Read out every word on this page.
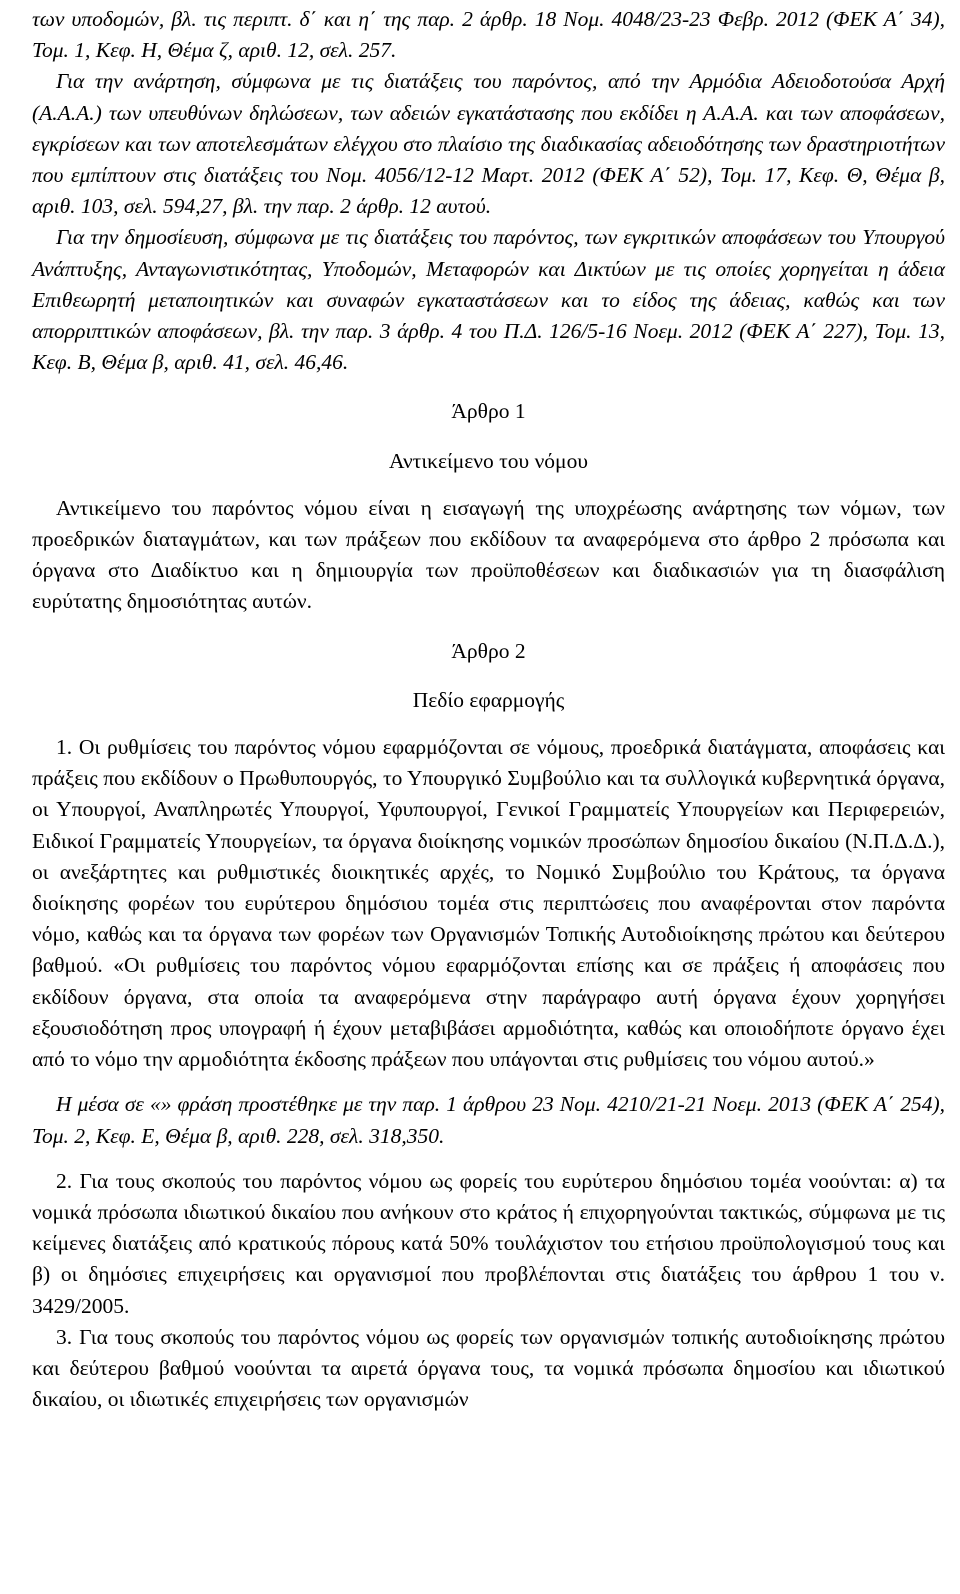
των υποδομών, βλ. τις περιπτ. δ΄ και η΄ της παρ. 2 άρθρ. 18 Νομ. 4048/23-23 Φεβρ. 2012 (ΦΕΚ Α΄ 34), Τομ. 1, Κεφ. Η, Θέμα ζ, αριθ. 12, σελ. 257.

Για την ανάρτηση, σύμφωνα με τις διατάξεις του παρόντος, από την Αρμόδια Αδειοδοτούσα Αρχή (Α.Α.Α.) των υπευθύνων δηλώσεων, των αδειών εγκατάστασης που εκδίδει η Α.Α.Α. και των αποφάσεων, εγκρίσεων και των αποτελεσμάτων ελέγχου στο πλαίσιο της διαδικασίας αδειοδότησης των δραστηριοτήτων που εμπίπτουν στις διατάξεις του Νομ. 4056/12-12 Μαρτ. 2012 (ΦΕΚ Α΄ 52), Τομ. 17, Κεφ. Θ, Θέμα β, αριθ. 103, σελ. 594,27, βλ. την παρ. 2 άρθρ. 12 αυτού.

Για την δημοσίευση, σύμφωνα με τις διατάξεις του παρόντος, των εγκριτικών αποφάσεων του Υπουργού Ανάπτυξης, Ανταγωνιστικότητας, Υποδομών, Μεταφορών και Δικτύων με τις οποίες χορηγείται η άδεια Επιθεωρητή μεταποιητικών και συναφών εγκαταστάσεων και το είδος της άδειας, καθώς και των απορριπτικών αποφάσεων, βλ. την παρ. 3 άρθρ. 4 του Π.Δ. 126/5-16 Νοεμ. 2012 (ΦΕΚ Α΄ 227), Τομ. 13, Κεφ. Β, Θέμα β, αριθ. 41, σελ. 46,46.

Άρθρο 1

Αντικείμενο του νόμου

Αντικείμενο του παρόντος νόμου είναι η εισαγωγή της υποχρέωσης ανάρτησης των νόμων, των προεδρικών διαταγμάτων, και των πράξεων που εκδίδουν τα αναφερόμενα στο άρθρο 2 πρόσωπα και όργανα στο Διαδίκτυο και η δημιουργία των προϋποθέσεων και διαδικασιών για τη διασφάλιση ευρύτατης δημοσιότητας αυτών.

Άρθρο 2

Πεδίο εφαρμογής

1. Οι ρυθμίσεις του παρόντος νόμου εφαρμόζονται σε νόμους, προεδρικά διατάγματα, αποφάσεις και πράξεις που εκδίδουν ο Πρωθυπουργός, το Υπουργικό Συμβούλιο και τα συλλογικά κυβερνητικά όργανα, οι Υπουργοί, Αναπληρωτές Υπουργοί, Υφυπουργοί, Γενικοί Γραμματείς Υπουργείων και Περιφερειών, Ειδικοί Γραμματείς Υπουργείων, τα όργανα διοίκησης νομικών προσώπων δημοσίου δικαίου (Ν.Π.Δ.Δ.), οι ανεξάρτητες και ρυθμιστικές διοικητικές αρχές, το Νομικό Συμβούλιο του Κράτους, τα όργανα διοίκησης φορέων του ευρύτερου δημόσιου τομέα στις περιπτώσεις που αναφέρονται στον παρόντα νόμο, καθώς και τα όργανα των φορέων των Οργανισμών Τοπικής Αυτοδιοίκησης πρώτου και δεύτερου βαθμού. «Οι ρυθμίσεις του παρόντος νόμου εφαρμόζονται επίσης και σε πράξεις ή αποφάσεις που εκδίδουν όργανα, στα οποία τα αναφερόμενα στην παράγραφο αυτή όργανα έχουν χορηγήσει εξουσιοδότηση προς υπογραφή ή έχουν μεταβιβάσει αρμοδιότητα, καθώς και οποιοδήποτε όργανο έχει από το νόμο την αρμοδιότητα έκδοσης πράξεων που υπάγονται στις ρυθμίσεις του νόμου αυτού.»

Η μέσα σε «» φράση προστέθηκε με την παρ. 1 άρθρου 23 Νομ. 4210/21-21 Νοεμ. 2013 (ΦΕΚ Α΄ 254), Τομ. 2, Κεφ. Ε, Θέμα β, αριθ. 228, σελ. 318,350.

2. Για τους σκοπούς του παρόντος νόμου ως φορείς του ευρύτερου δημόσιου τομέα νοούνται: α) τα νομικά πρόσωπα ιδιωτικού δικαίου που ανήκουν στο κράτος ή επιχορηγούνται τακτικώς, σύμφωνα με τις κείμενες διατάξεις από κρατικούς πόρους κατά 50% τουλάχιστον του ετήσιου προϋπολογισμού τους και β) οι δημόσιες επιχειρήσεις και οργανισμοί που προβλέπονται στις διατάξεις του άρθρου 1 του ν. 3429/2005.

3. Για τους σκοπούς του παρόντος νόμου ως φορείς των οργανισμών τοπικής αυτοδιοίκησης πρώτου και δεύτερου βαθμού νοούνται τα αιρετά όργανα τους, τα νομικά πρόσωπα δημοσίου και ιδιωτικού δικαίου, οι ιδιωτικές επιχειρήσεις των οργανισμών
